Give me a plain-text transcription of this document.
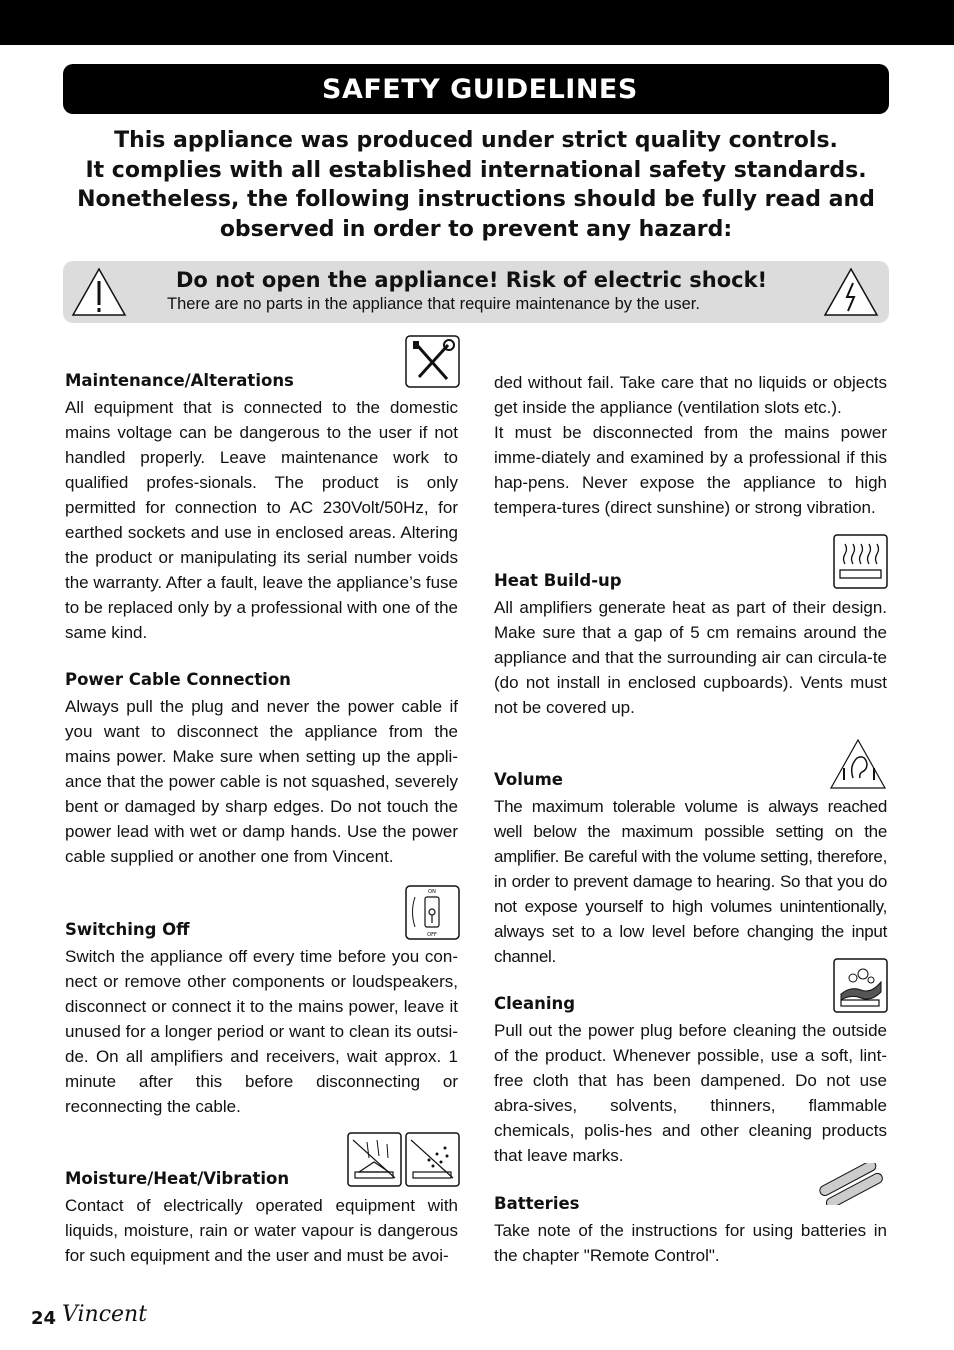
SAFETY GUIDELINES
This appliance was produced under strict quality controls.
It complies with all established international safety standards.
Nonetheless, the following instructions should be fully read and
observed in order to prevent any hazard:
Do not open the appliance! Risk of electric shock!
There are no parts in the appliance that require maintenance by the user.
Maintenance/Alterations

All equipment that is connected to the domestic mains voltage can be dangerous to the user if not handled properly. Leave maintenance work to qualified profes-sionals. The product is only permitted for connection to AC 230Volt/50Hz, for earthed sockets and use in enclosed areas. Altering the product or manipulating its serial number voids the warranty. After a fault, leave the appliance’s fuse to be replaced only by a professional with one of the same kind.

Power Cable Connection

Always pull the plug and never the power cable if you want to disconnect the appliance from the mains power. Make sure when setting up the appli-ance that the power cable is not squashed, severely bent or damaged by sharp edges. Do not touch the power lead with wet or damp hands. Use the power cable supplied or another one from Vincent.

ON
OFF
Switching Off

Switch the appliance off every time before you con-nect or remove other components or loudspeakers, disconnect or connect it to the mains power, leave it unused for a longer period or want to clean its outsi-de. On all amplifiers and receivers, wait approx. 1 minute after this before disconnecting or reconnecting the cable.

Moisture/Heat/Vibration

Contact of electrically operated equipment with liquids, moisture, rain or water vapour is dangerous for such equipment and the user and must be avoi-

ded without fail. Take care that no liquids or objects get inside the appliance (ventilation slots etc.).

It must be disconnected from the mains power imme-diately and examined by a professional if this hap-pens. Never expose the appliance to high tempera-tures (direct sunshine) or strong vibration.

Heat Build-up

All amplifiers generate heat as part of their design. Make sure that a gap of 5 cm remains around the appliance and that the surrounding air can circula-te (do not install in enclosed cupboards). Vents must not be covered up.

Volume

The maximum tolerable volume is always reached well below the maximum possible setting on the amplifier. Be careful with the volume setting, therefore, in order to prevent damage to hearing. So that you do not expose yourself to high volumes unintentionally, always set to a low level before changing the input channel.

Cleaning

Pull out the power plug before cleaning the outside of the product. Whenever possible, use a soft, lint-free cloth that has been dampened. Do not use abra-sives, solvents, thinners, flammable chemicals, polis-hes and other cleaning products that leave marks.

Batteries

Take note of the instructions for using batteries in the chapter "Remote Control".

24 Vincent
